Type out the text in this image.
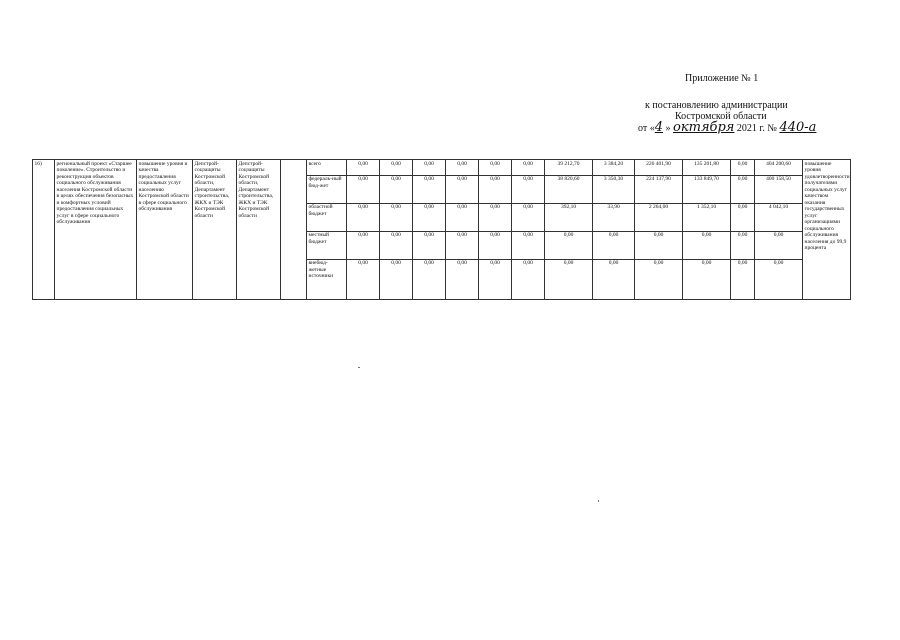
Приложение № 1
к постановлению администрации
Костромской области
от «4 » октября 2021 г. № 440-а
16)	региональный проект «Старшее поколение». Строительство и реконструкция объектов социального обслуживания населения Костромской области в целях обеспечения безопасных и комфортных условий предоставления социальных услуг в сфере социального обслуживания	повышение уровня и качества предоставления социальных услуг населению Костромской области в сфере социального обслуживания	Депстрой-соцзащиты Костромской области, Департамент строительства, ЖКХ и ТЭК Костромской области	Депстрой-соцзащиты Костромской области, Департамент строительства, ЖКХ и ТЭК Костромской области		всего	0,00	0,00	0,00	0,00	0,00	0,00	39 212,70	3 384,20	226 401,90	135 201,80	0,00	404 200,60	повышение уровня удовлетворенности получателями социальных услуг качеством оказания государственных услуг организациями социального обслуживания населения до 99,9 процента
						федераль-ный бюд-жет	0,00	0,00	0,00	0,00	0,00	0,00	38 820,60	3 350,30	224 137,90	133 849,70	0,00	400 158,50	
						областной бюджет	0,00	0,00	0,00	0,00	0,00	0,00	392,10	33,90	2 264,00	1 352,10	0,00	4 042,10	
						местный бюджет	0,00	0,00	0,00	0,00	0,00	0,00	0,00	0,00	0,00	0,00	0,00	0,00	
						внебюд-жетные источники	0,00	0,00	0,00	0,00	0,00	0,00	0,00	0,00	0,00	0,00	0,00	0,00	
